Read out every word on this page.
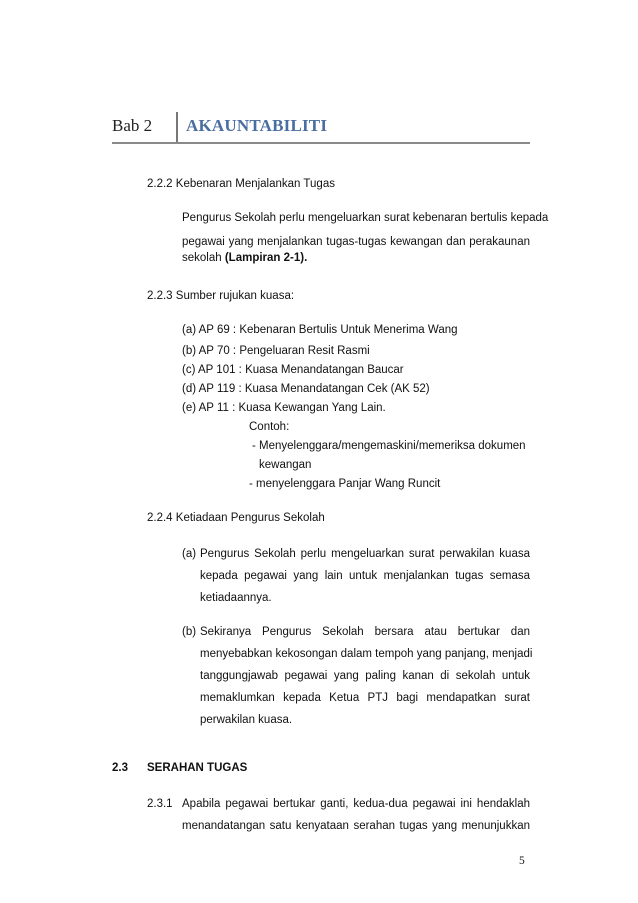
Bab 2 AKAUNTABILITI
2.2.2 Kebenaran Menjalankan Tugas
Pengurus Sekolah perlu mengeluarkan surat kebenaran bertulis kepada
pegawai yang menjalankan tugas-tugas kewangan dan perakaunan
sekolah (Lampiran 2-1).
2.2.3 Sumber rujukan kuasa:
(a) AP 69 : Kebenaran Bertulis Untuk Menerima Wang
(b) AP 70 : Pengeluaran Resit Rasmi
(c) AP 101 : Kuasa Menandatangan Baucar
(d) AP 119 : Kuasa Menandatangan Cek (AK 52)
(e) AP 11 : Kuasa Kewangan Yang Lain.
Contoh:
- Menyelenggara/mengemaskini/memeriksa dokumen
kewangan
- menyelenggara Panjar Wang Runcit
2.2.4 Ketiadaan Pengurus Sekolah
(a) Pengurus Sekolah perlu mengeluarkan surat perwakilan kuasa
kepada pegawai yang lain untuk menjalankan tugas semasa
ketiadaannya.
(b) Sekiranya Pengurus Sekolah bersara atau bertukar dan
menyebabkan kekosongan dalam tempoh yang panjang, menjadi
tanggungjawab pegawai yang paling kanan di sekolah untuk
memaklumkan kepada Ketua PTJ bagi mendapatkan surat
perwakilan kuasa.
2.3 SERAHAN TUGAS
2.3.1 Apabila pegawai bertukar ganti, kedua-dua pegawai ini hendaklah
menandatangan satu kenyataan serahan tugas yang menunjukkan
5
